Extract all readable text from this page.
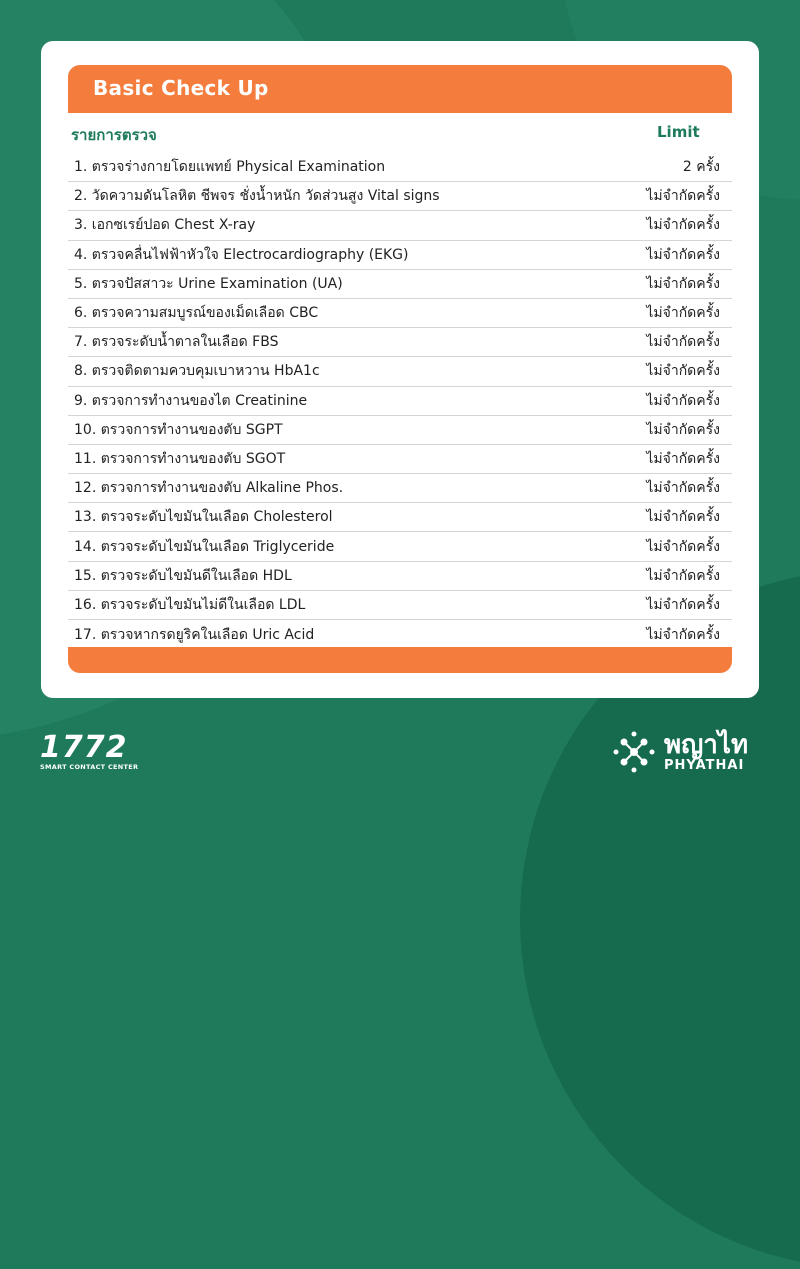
Basic Check Up
รายการตรวจ	Limit
1. ตรวจร่างกายโดยแพทย์ Physical Examination	2 ครั้ง
2. วัดความดันโลหิต ชีพจร ชั่งน้ำหนัก วัดส่วนสูง Vital signs	ไม่จำกัดครั้ง
3. เอกซเรย์ปอด Chest X-ray	ไม่จำกัดครั้ง
4. ตรวจคลื่นไฟฟ้าหัวใจ Electrocardiography (EKG)	ไม่จำกัดครั้ง
5. ตรวจปัสสาวะ Urine Examination (UA)	ไม่จำกัดครั้ง
6. ตรวจความสมบูรณ์ของเม็ดเลือด CBC	ไม่จำกัดครั้ง
7. ตรวจระดับน้ำตาลในเลือด FBS	ไม่จำกัดครั้ง
8. ตรวจติดตามควบคุมเบาหวาน HbA1c	ไม่จำกัดครั้ง
9. ตรวจการทำงานของไต Creatinine	ไม่จำกัดครั้ง
10. ตรวจการทำงานของตับ SGPT	ไม่จำกัดครั้ง
11. ตรวจการทำงานของตับ SGOT	ไม่จำกัดครั้ง
12. ตรวจการทำงานของตับ Alkaline Phos.	ไม่จำกัดครั้ง
13. ตรวจระดับไขมันในเลือด Cholesterol	ไม่จำกัดครั้ง
14. ตรวจระดับไขมันในเลือด Triglyceride	ไม่จำกัดครั้ง
15. ตรวจระดับไขมันดีในเลือด HDL	ไม่จำกัดครั้ง
16. ตรวจระดับไขมันไม่ดีในเลือด LDL	ไม่จำกัดครั้ง
17. ตรวจหากรดยูริคในเลือด Uric Acid	ไม่จำกัดครั้ง
1772
SMART CONTACT CENTER
พญาไท
PHYATHAI
